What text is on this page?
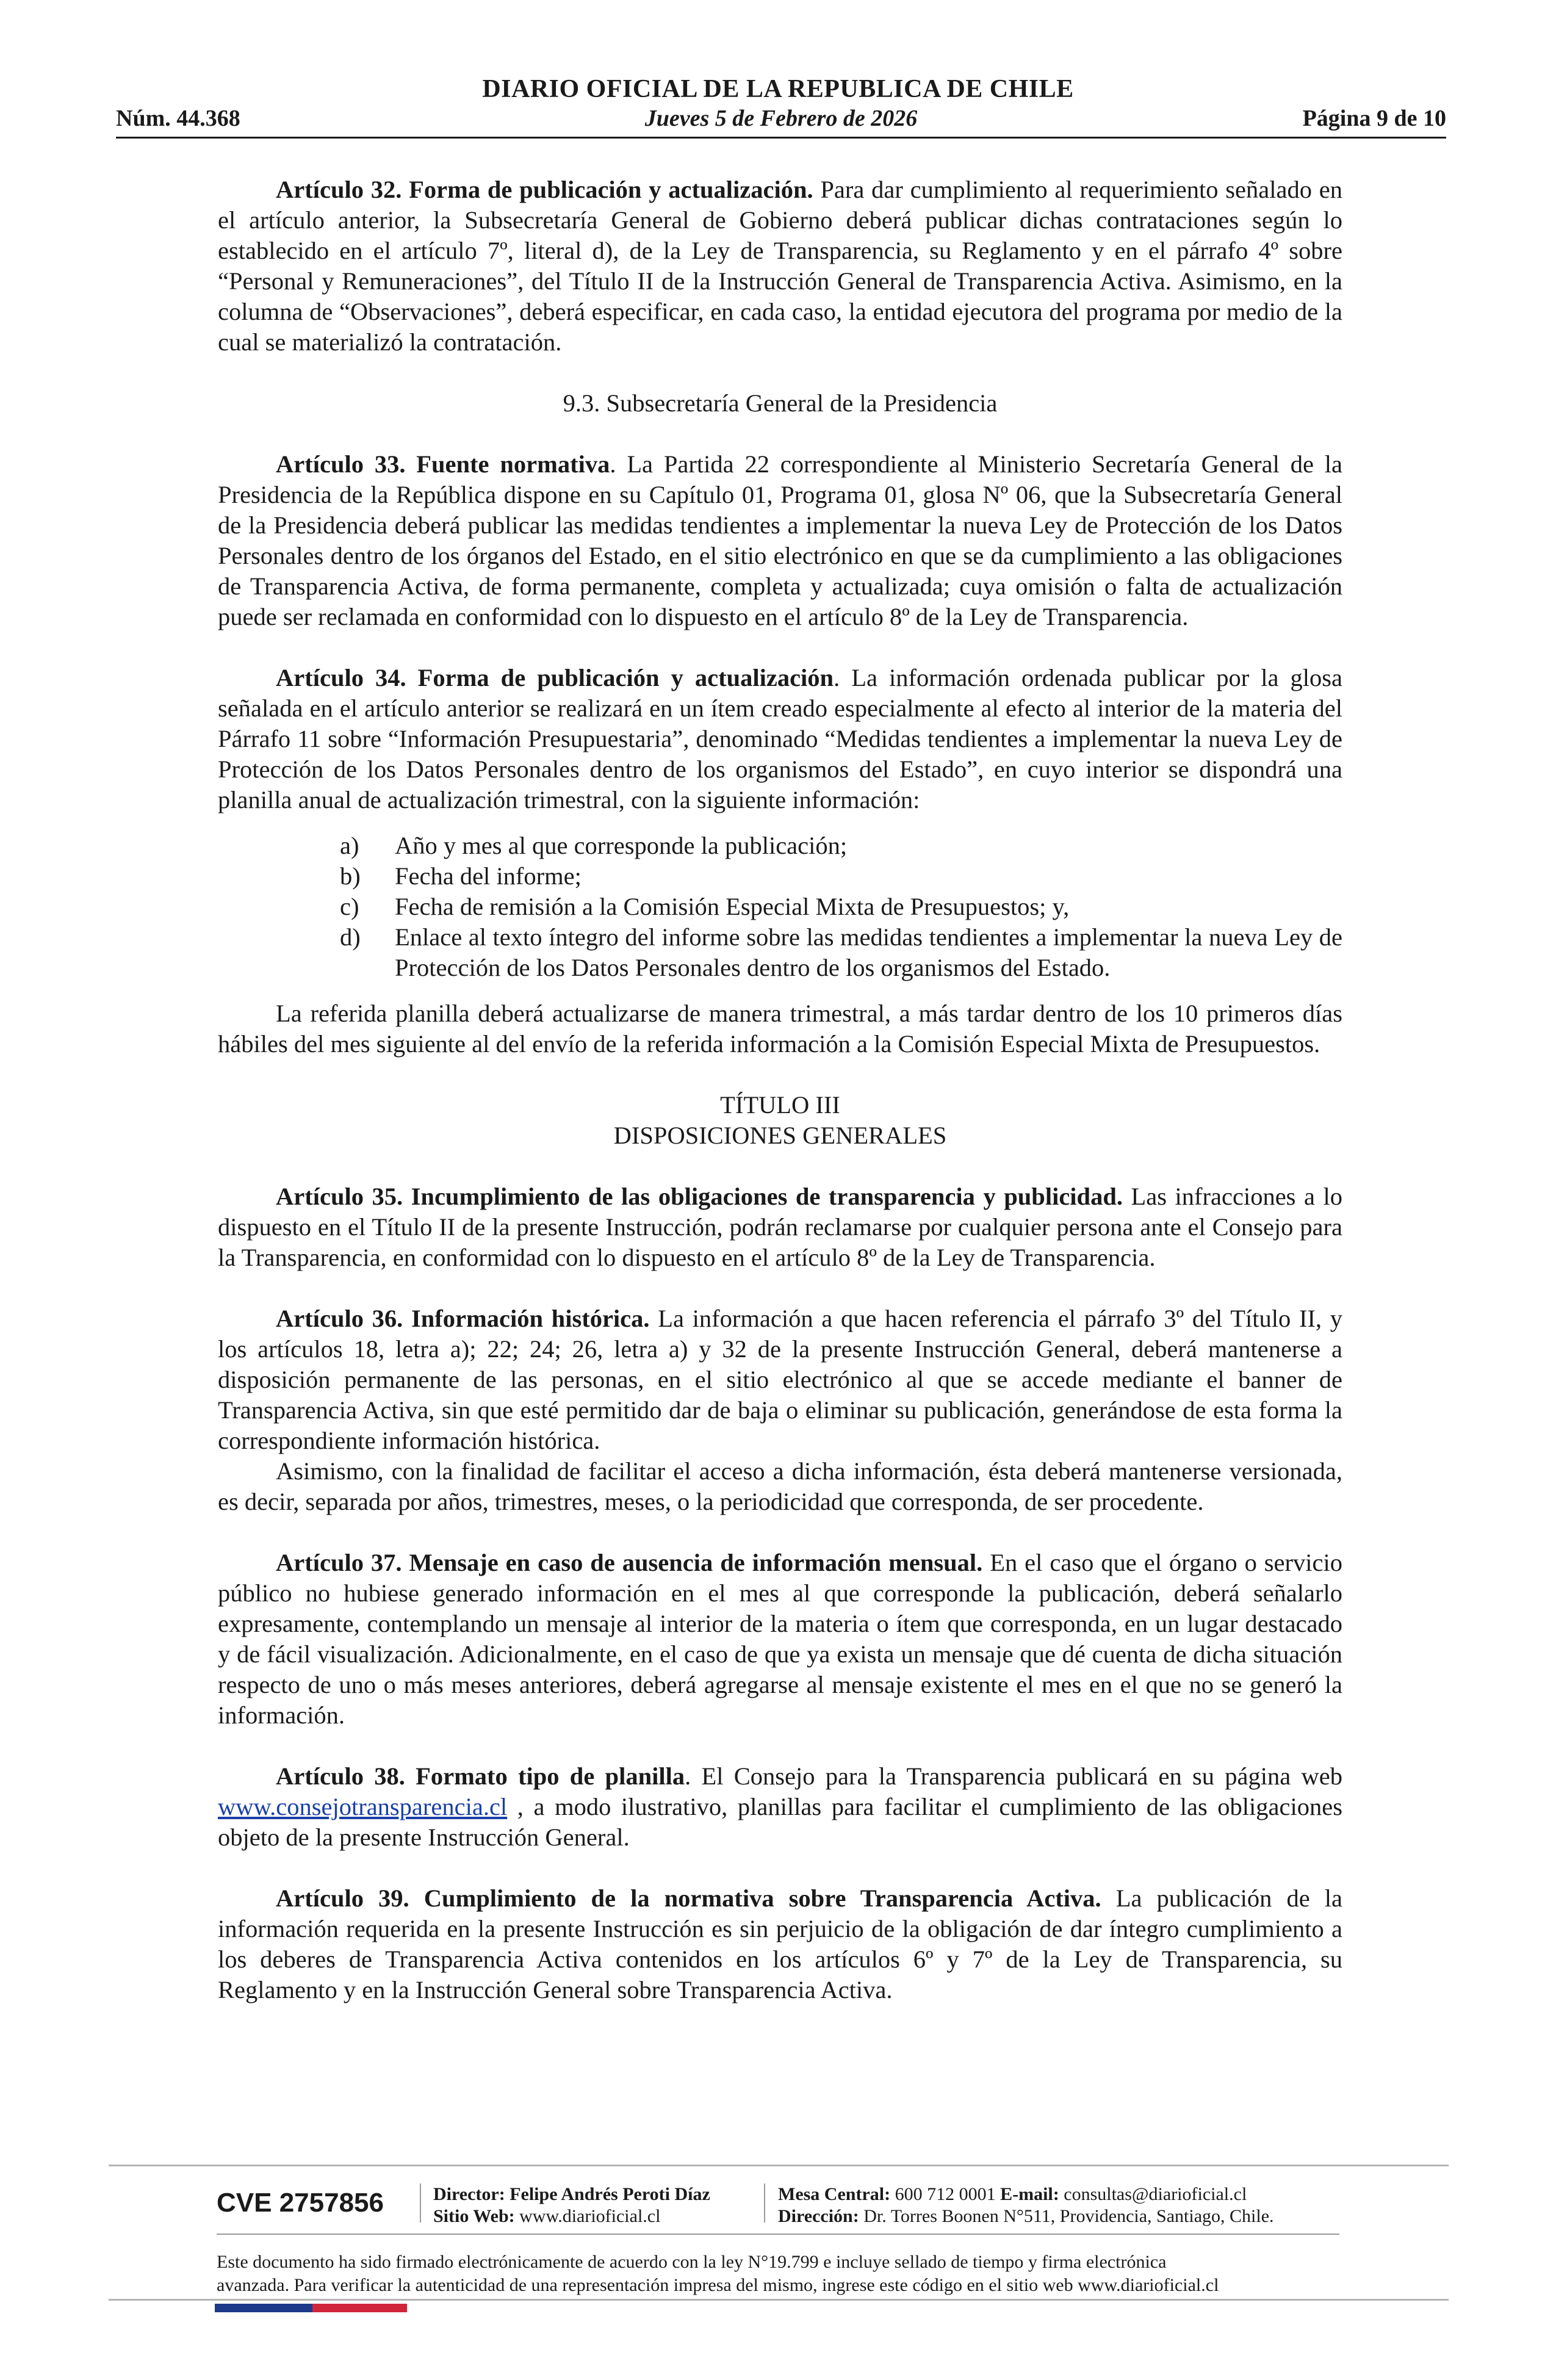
DIARIO OFICIAL DE LA REPUBLICA DE CHILE
Núm. 44.368	Jueves 5 de Febrero de 2026	Página 9 de 10

Artículo 32. Forma de publicación y actualización. Para dar cumplimiento al requerimiento señalado en el artículo anterior, la Subsecretaría General de Gobierno deberá publicar dichas contrataciones según lo establecido en el artículo 7º, literal d), de la Ley de Transparencia, su Reglamento y en el párrafo 4º sobre “Personal y Remuneraciones”, del Título II de la Instrucción General de Transparencia Activa. Asimismo, en la columna de “Observaciones”, deberá especificar, en cada caso, la entidad ejecutora del programa por medio de la cual se materializó la contratación.

9.3. Subsecretaría General de la Presidencia

Artículo 33. Fuente normativa. La Partida 22 correspondiente al Ministerio Secretaría General de la Presidencia de la República dispone en su Capítulo 01, Programa 01, glosa Nº 06, que la Subsecretaría General de la Presidencia deberá publicar las medidas tendientes a implementar la nueva Ley de Protección de los Datos Personales dentro de los órganos del Estado, en el sitio electrónico en que se da cumplimiento a las obligaciones de Transparencia Activa, de forma permanente, completa y actualizada; cuya omisión o falta de actualización puede ser reclamada en conformidad con lo dispuesto en el artículo 8º de la Ley de Transparencia.

Artículo 34. Forma de publicación y actualización. La información ordenada publicar por la glosa señalada en el artículo anterior se realizará en un ítem creado especialmente al efecto al interior de la materia del Párrafo 11 sobre “Información Presupuestaria”, denominado “Medidas tendientes a implementar la nueva Ley de Protección de los Datos Personales dentro de los organismos del Estado”, en cuyo interior se dispondrá una planilla anual de actualización trimestral, con la siguiente información:

a) Año y mes al que corresponde la publicación;
b) Fecha del informe;
c) Fecha de remisión a la Comisión Especial Mixta de Presupuestos; y,
d) Enlace al texto íntegro del informe sobre las medidas tendientes a implementar la nueva Ley de Protección de los Datos Personales dentro de los organismos del Estado.

La referida planilla deberá actualizarse de manera trimestral, a más tardar dentro de los 10 primeros días hábiles del mes siguiente al del envío de la referida información a la Comisión Especial Mixta de Presupuestos.

TÍTULO III

DISPOSICIONES GENERALES

Artículo 35. Incumplimiento de las obligaciones de transparencia y publicidad. Las infracciones a lo dispuesto en el Título II de la presente Instrucción, podrán reclamarse por cualquier persona ante el Consejo para la Transparencia, en conformidad con lo dispuesto en el artículo 8º de la Ley de Transparencia.

Artículo 36. Información histórica. La información a que hacen referencia el párrafo 3º del Título II, y los artículos 18, letra a); 22; 24; 26, letra a) y 32 de la presente Instrucción General, deberá mantenerse a disposición permanente de las personas, en el sitio electrónico al que se accede mediante el banner de Transparencia Activa, sin que esté permitido dar de baja o eliminar su publicación, generándose de esta forma la correspondiente información histórica.

Asimismo, con la finalidad de facilitar el acceso a dicha información, ésta deberá mantenerse versionada, es decir, separada por años, trimestres, meses, o la periodicidad que corresponda, de ser procedente.

Artículo 37. Mensaje en caso de ausencia de información mensual. En el caso que el órgano o servicio público no hubiese generado información en el mes al que corresponde la publicación, deberá señalarlo expresamente, contemplando un mensaje al interior de la materia o ítem que corresponda, en un lugar destacado y de fácil visualización. Adicionalmente, en el caso de que ya exista un mensaje que dé cuenta de dicha situación respecto de uno o más meses anteriores, deberá agregarse al mensaje existente el mes en el que no se generó la información.

Artículo 38. Formato tipo de planilla. El Consejo para la Transparencia publicará en su página web www.consejotransparencia.cl , a modo ilustrativo, planillas para facilitar el cumplimiento de las obligaciones objeto de la presente Instrucción General.

Artículo 39. Cumplimiento de la normativa sobre Transparencia Activa. La publicación de la información requerida en la presente Instrucción es sin perjuicio de la obligación de dar íntegro cumplimiento a los deberes de Transparencia Activa contenidos en los artículos 6º y 7º de la Ley de Transparencia, su Reglamento y en la Instrucción General sobre Transparencia Activa.

CVE 2757856	Director: Felipe Andrés Peroti Díaz
Sitio Web: www.diarioficial.cl
Mesa Central: 600 712 0001 E-mail: consultas@diarioficial.cl
Dirección: Dr. Torres Boonen N°511, Providencia, Santiago, Chile.
Este documento ha sido firmado electrónicamente de acuerdo con la ley N°19.799 e incluye sellado de tiempo y firma electrónica
avanzada. Para verificar la autenticidad de una representación impresa del mismo, ingrese este código en el sitio web www.diarioficial.cl
